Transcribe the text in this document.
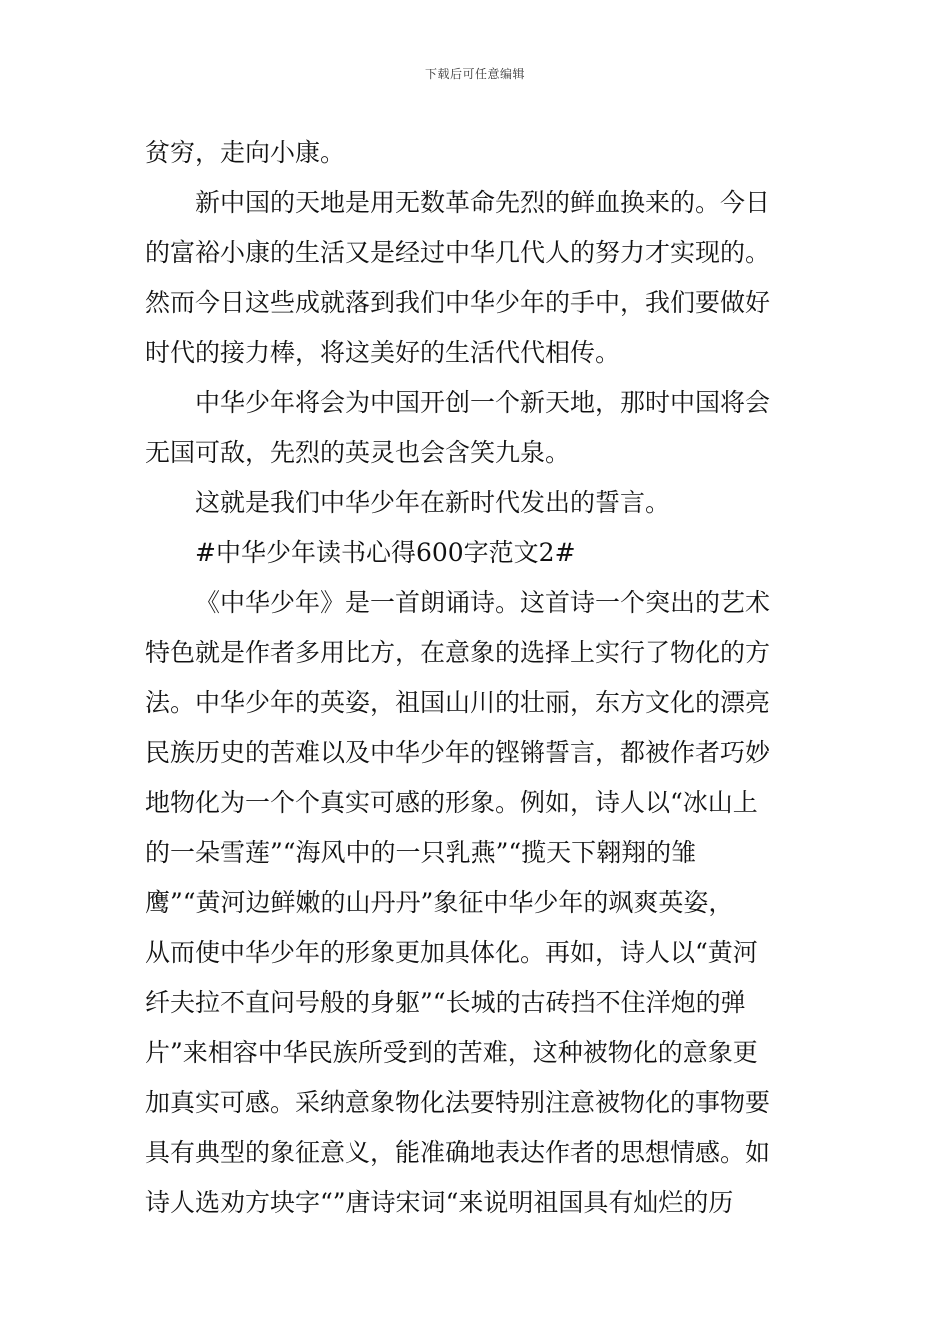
下载后可任意编辑
贫穷，走向小康。
新中国的天地是用无数革命先烈的鲜血换来的。今日
的富裕小康的生活又是经过中华几代人的努力才实现的。
然而今日这些成就落到我们中华少年的手中，我们要做好
时代的接力棒，将这美好的生活代代相传。
中华少年将会为中国开创一个新天地，那时中国将会
无国可敌，先烈的英灵也会含笑九泉。
这就是我们中华少年在新时代发出的誓言。
#中华少年读书心得600字范文2#
《中华少年》是一首朗诵诗。这首诗一个突出的艺术
特色就是作者多用比方，在意象的选择上实行了物化的方
法。中华少年的英姿，祖国山川的壮丽，东方文化的漂亮
民族历史的苦难以及中华少年的铿锵誓言，都被作者巧妙
地物化为一个个真实可感的形象。例如，诗人以“冰山上
的一朵雪莲”“海风中的一只乳燕”“揽天下翱翔的雏
鹰”“黄河边鲜嫩的山丹丹”象征中华少年的飒爽英姿，
从而使中华少年的形象更加具体化。再如，诗人以“黄河
纤夫拉不直问号般的身躯”“长城的古砖挡不住洋炮的弹
片”来相容中华民族所受到的苦难，这种被物化的意象更
加真实可感。采纳意象物化法要特别注意被物化的事物要
具有典型的象征意义，能准确地表达作者的思想情感。如
诗人选劝方块字“”唐诗宋词“来说明祖国具有灿烂的历
